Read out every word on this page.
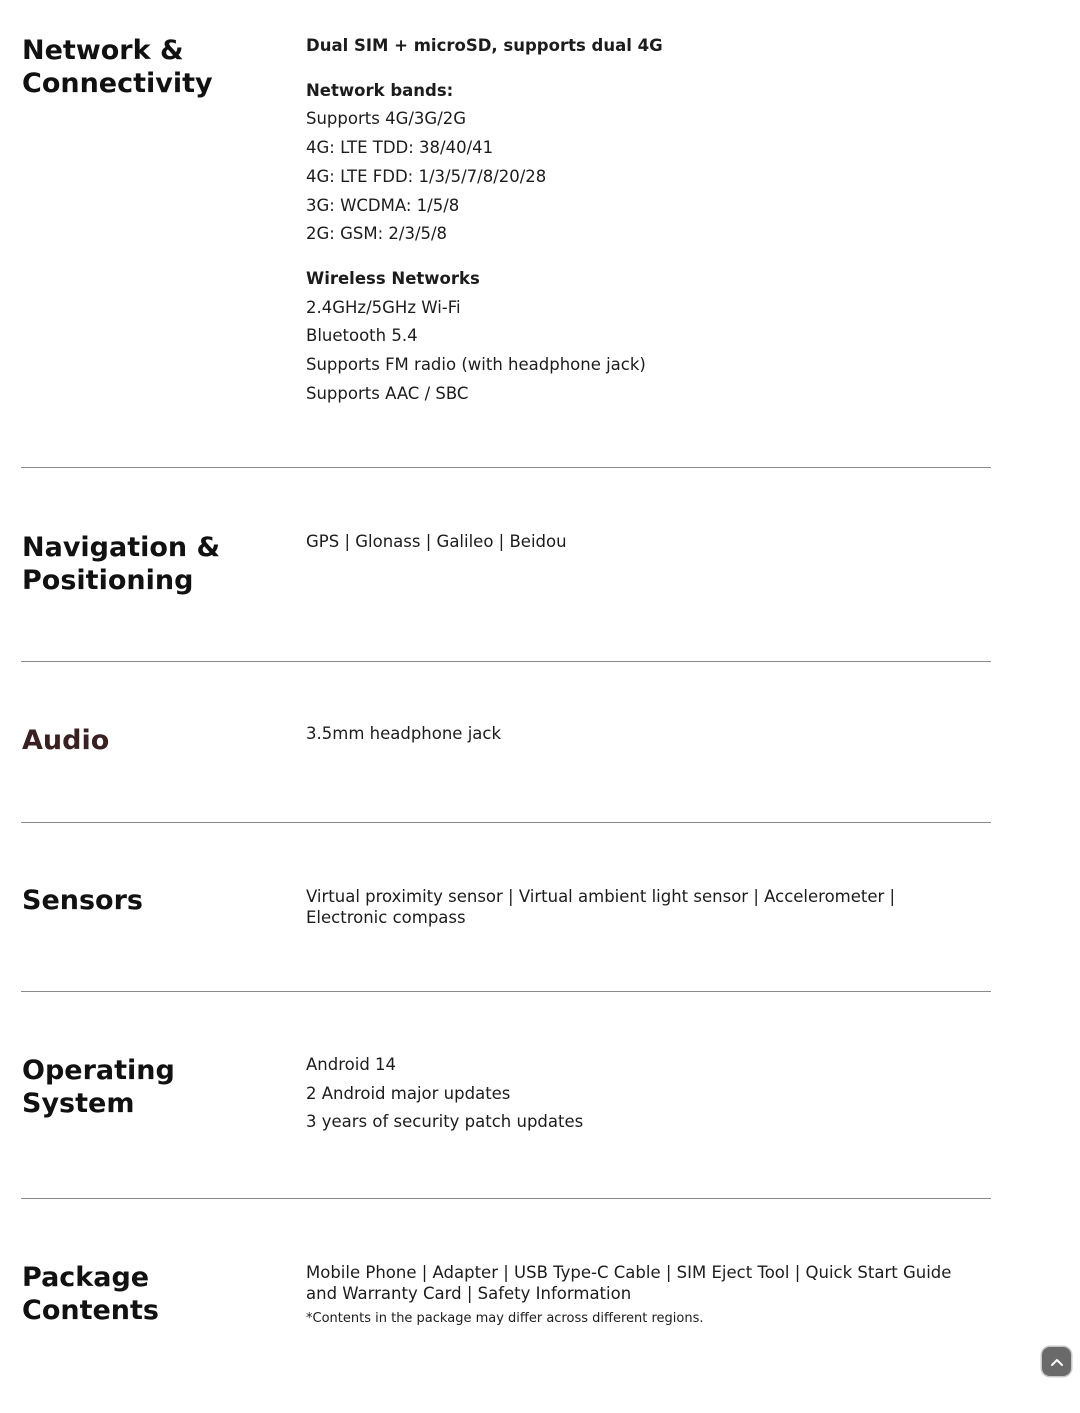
Network & Connectivity
Dual SIM + microSD, supports dual 4G
Network bands:
Supports 4G/3G/2G
4G: LTE TDD: 38/40/41
4G: LTE FDD: 1/3/5/7/8/20/28
3G: WCDMA: 1/5/8
2G: GSM: 2/3/5/8
Wireless Networks
2.4GHz/5GHz Wi-Fi
Bluetooth 5.4
Supports FM radio (with headphone jack)
Supports AAC / SBC
Navigation & Positioning
GPS | Glonass | Galileo | Beidou
Audio	3.5mm headphone jack
Sensors	Virtual proximity sensor | Virtual ambient light sensor | Accelerometer | Electronic compass
Operating System
Android 14
2 Android major updates
3 years of security patch updates
Package Contents
Mobile Phone | Adapter | USB Type-C Cable | SIM Eject Tool | Quick Start Guide and Warranty Card | Safety Information
*Contents in the package may differ across different regions.
